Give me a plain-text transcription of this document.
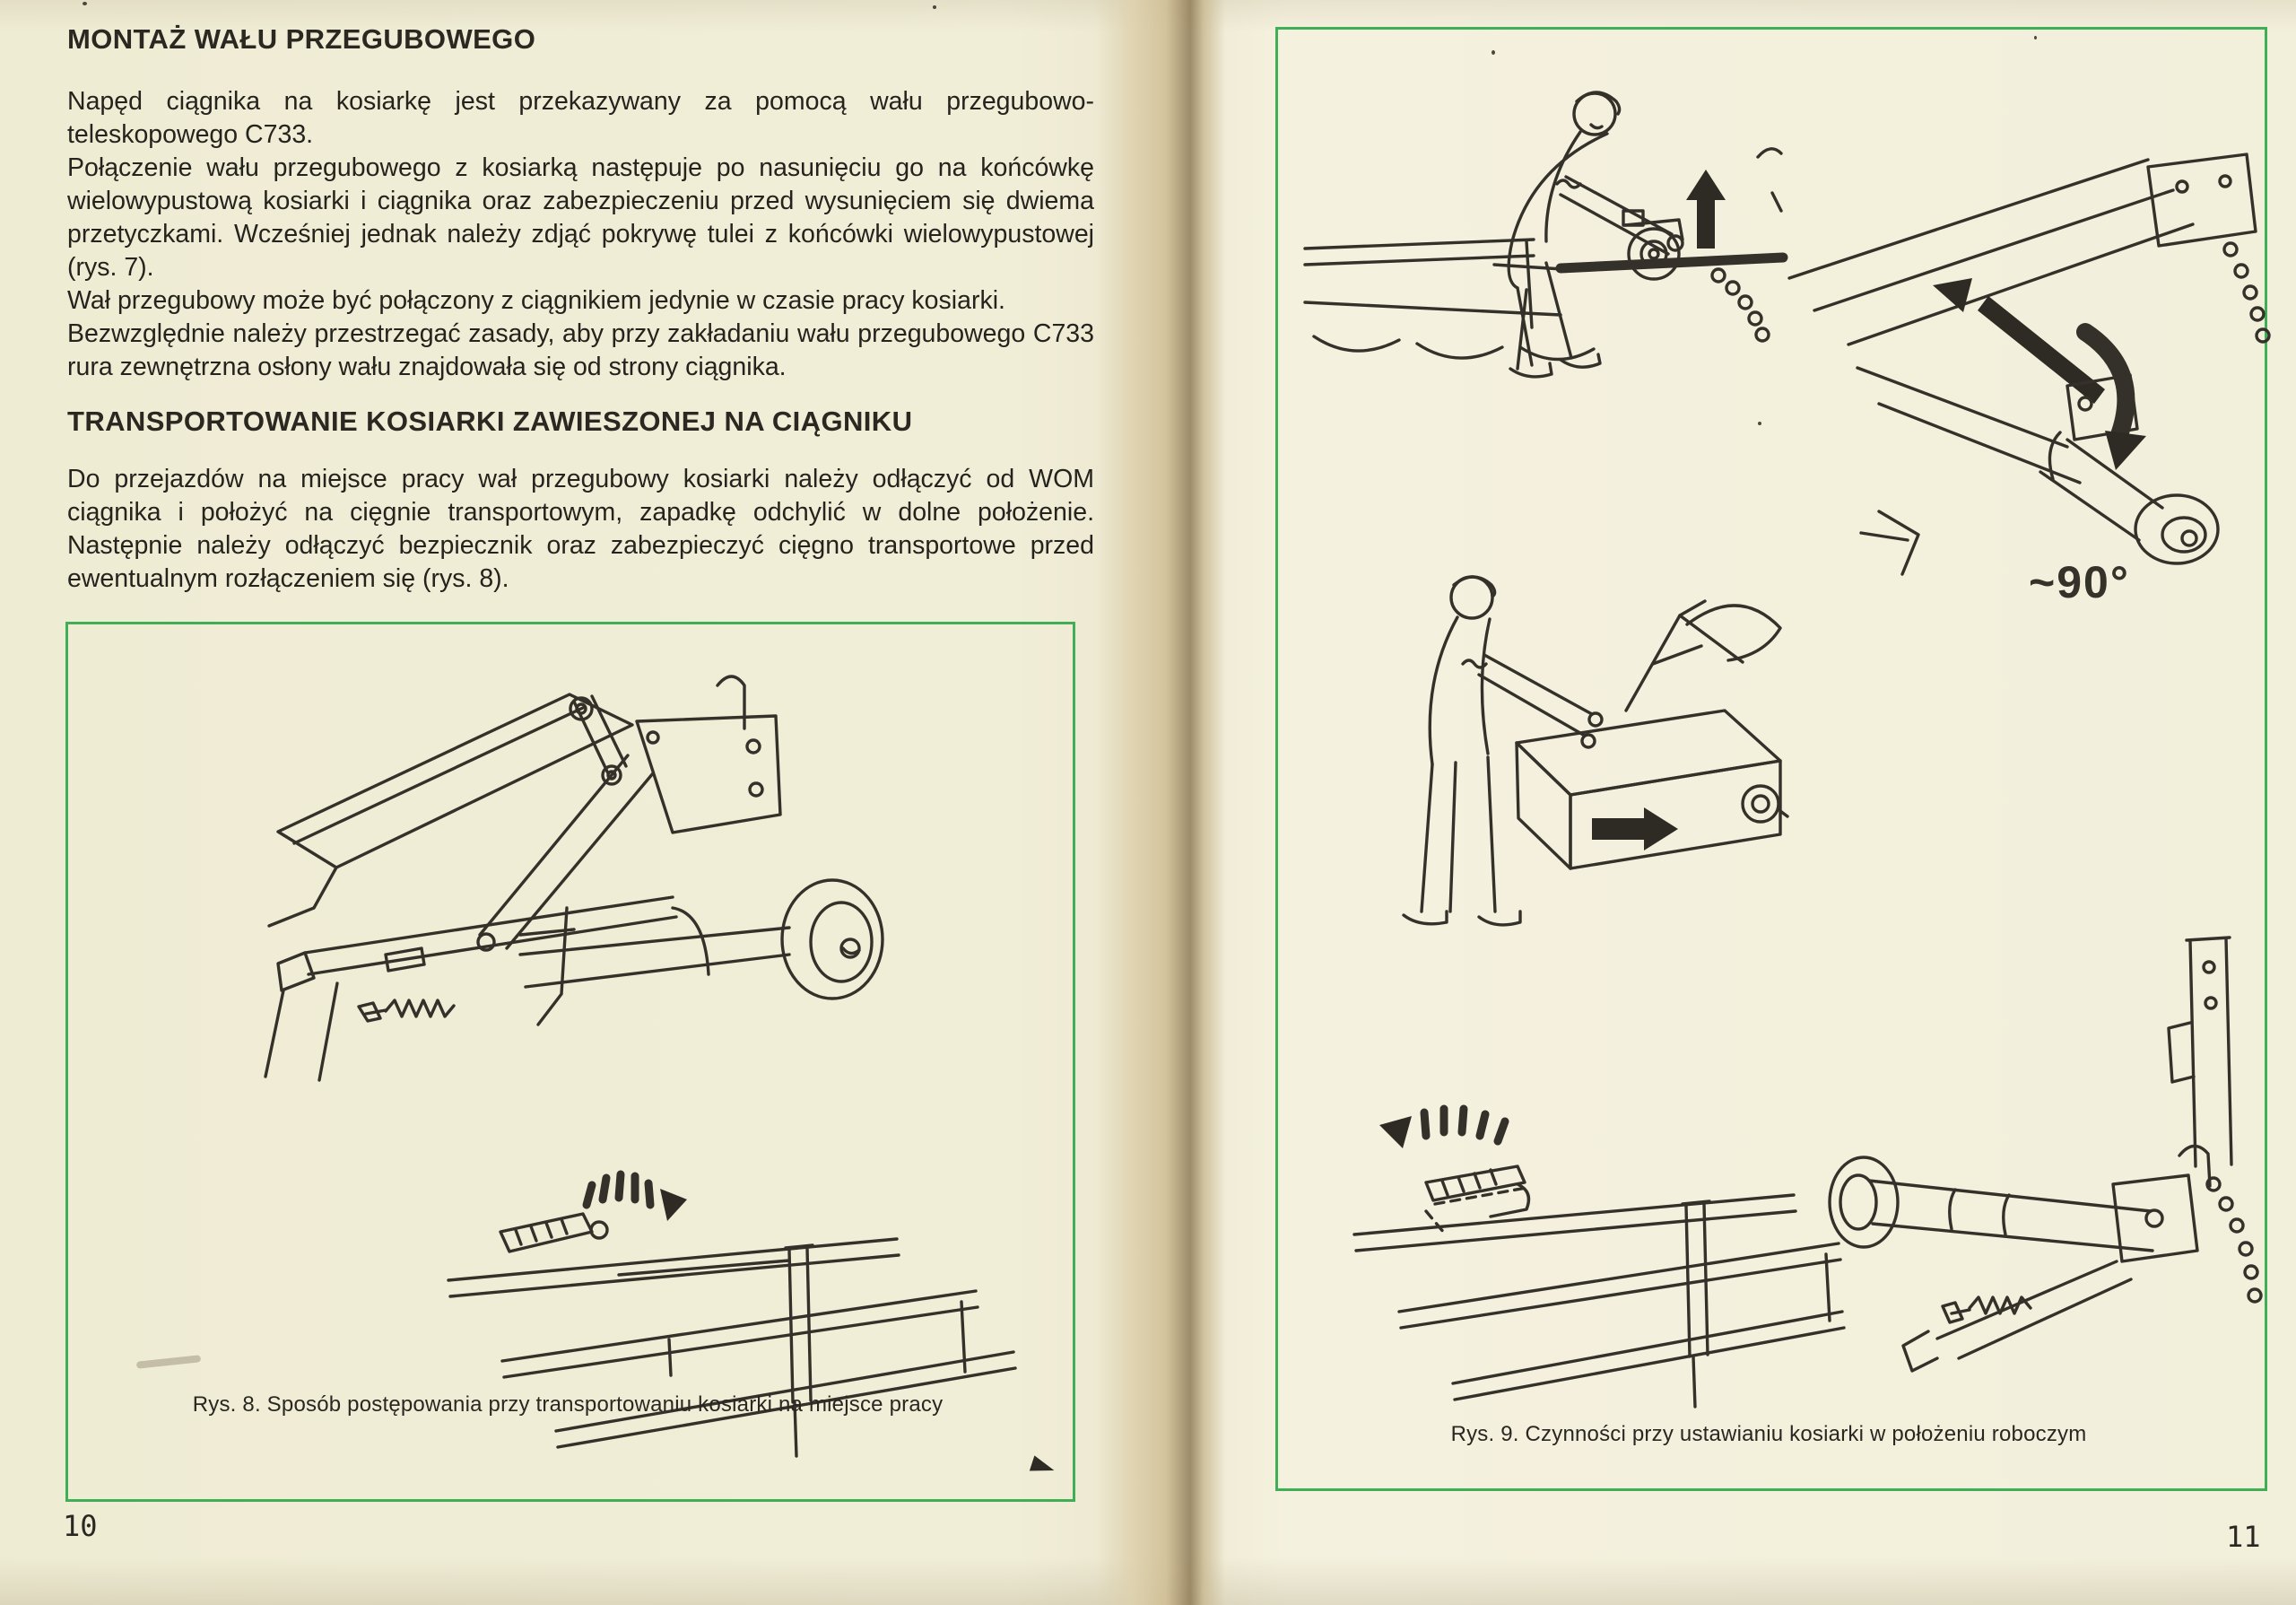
MONTAŻ WAŁU PRZEGUBOWEGO

Napęd ciągnika na kosiarkę jest przekazywany za pomocą wału przegubowo-teleskopowego C733.

Połączenie wału przegubowego z kosiarką następuje po nasunięciu go na końcówkę wielowypustową kosiarki i ciągnika oraz zabezpieczeniu przed wysunięciem się dwiema przetyczkami. Wcześniej jednak należy zdjąć pokrywę tulei z końcówki wielowypustowej (rys. 7).

Wał przegubowy może być połączony z ciągnikiem jedynie w czasie pracy kosiarki.

Bezwzględnie należy przestrzegać zasady, aby przy zakładaniu wału przegubowego C733 rura zewnętrzna osłony wału znajdowała się od strony ciągnika.

TRANSPORTOWANIE KOSIARKI ZAWIESZONEJ NA CIĄGNIKU

Do przejazdów na miejsce pracy wał przegubowy kosiarki należy odłączyć od WOM ciągnika i położyć na cięgnie transportowym, zapadkę odchylić w dolne położenie. Następnie należy odłączyć bezpiecznik oraz zabezpieczyć cięgno transportowe przed ewentualnym rozłączeniem się (rys. 8).

Rys. 8. Sposób postępowania przy transportowaniu kosiarki na miejsce pracy
10
~90°
Rys. 9. Czynności przy ustawianiu kosiarki w położeniu roboczym
11
